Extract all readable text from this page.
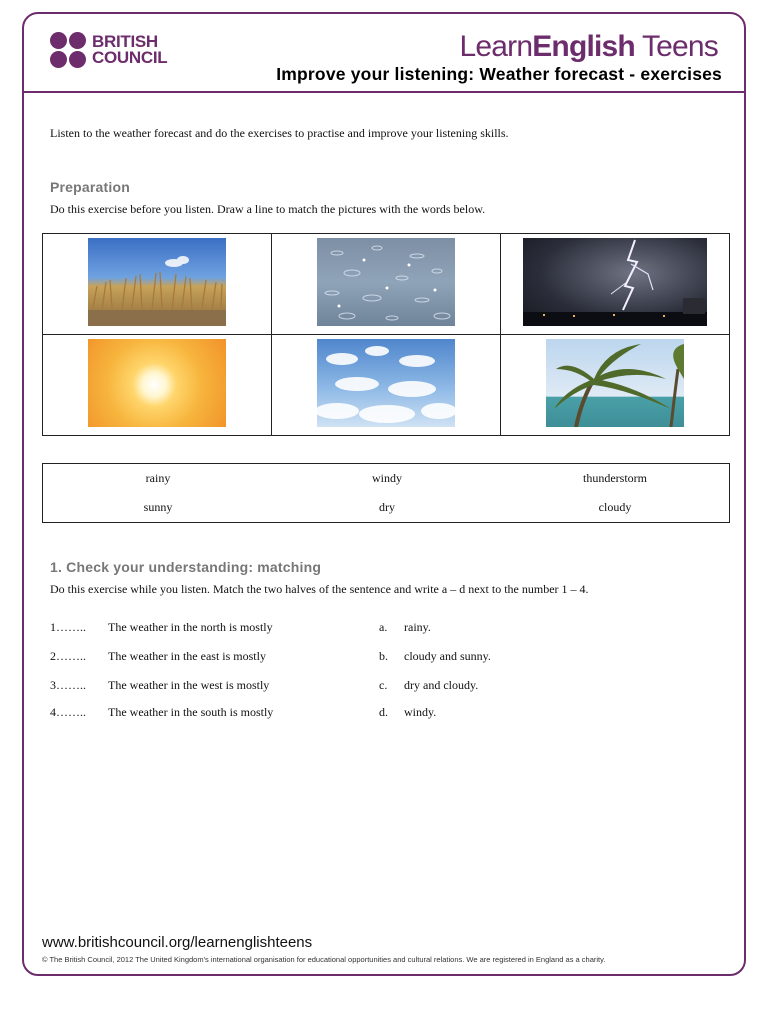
BRITISH
COUNCIL	LearnEnglish Teens
Improve your listening: Weather forecast - exercises
Listen to the weather forecast and do the exercises to practise and improve your listening skills.
Preparation
Do this exercise before you listen. Draw a line to match the pictures with the words below.

rainy	windy	thunderstorm
sunny	dry	cloudy
1. Check your understanding: matching
Do this exercise while you listen. Match the two halves of the sentence and write a – d next to the number 1 – 4.
1…….. The weather in the north is mostly	a. rainy.
2…….. The weather in the east is mostly	b. cloudy and sunny.
3…….. The weather in the west is mostly	c. dry and cloudy.
4…….. The weather in the south is mostly	d. windy.
www.britishcouncil.org/learnenglishteens
© The British Council, 2012 The United Kingdom's international organisation for educational opportunities and cultural relations. We are registered in England as a charity.
